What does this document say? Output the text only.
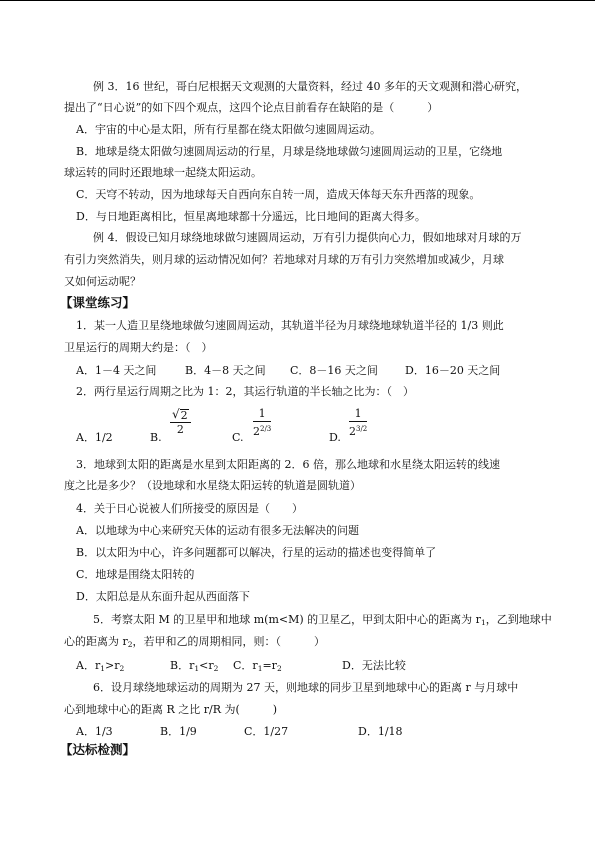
例 3．16 世纪，哥白尼根据天文观测的大量资料，经过 40 多年的天文观测和潜心研究，
提出了“日心说”的如下四个观点，这四个论点目前看存在缺陷的是（　　　）
A．宇宙的中心是太阳，所有行星都在绕太阳做匀速圆周运动。
B．地球是绕太阳做匀速圆周运动的行星，月球是绕地球做匀速圆周运动的卫星，它绕地
球运转的同时还跟地球一起绕太阳运动。
C．天穹不转动，因为地球每天自西向东自转一周，造成天体每天东升西落的现象。
D．与日地距离相比，恒星离地球都十分遥远，比日地间的距离大得多。
例 4．假设已知月球绕地球做匀速圆周运动，万有引力提供向心力，假如地球对月球的万
有引力突然消失，则月球的运动情况如何？若地球对月球的万有引力突然增加或减少，月球
又如何运动呢？
【课堂练习】
1．某一人造卫星绕地球做匀速圆周运动，其轨道半径为月球绕地球轨道半径的 1/3 则此
卫星运行的周期大约是：（　）
A．1－4 天之间	B．4－8 天之间 C．8－16 天之间 D．16－20 天之间
2．两行星运行周期之比为 1：2，其运行轨道的半长轴之比为：（　）
A．1/2	B.
√ 2
2
C.
1
$2^{2/3}$
D.
1
$2^{3/2}$
3．地球到太阳的距离是水星到太阳距离的 2．6 倍，那么地球和水星绕太阳运转的线速
度之比是多少？（设地球和水星绕太阳运转的轨道是圆轨道）
4．关于日心说被人们所接受的原因是（　　）
A．以地球为中心来研究天体的运动有很多无法解决的问题
B．以太阳为中心，许多问题都可以解决，行星的运动的描述也变得简单了
C．地球是围绕太阳转的
D．太阳总是从东面升起从西面落下
5．考察太阳 M 的卫星甲和地球 m(m<M) 的卫星乙，甲到太阳中心的距离为 $r_1$，乙到地球中
心的距离为 $r_2$，若甲和乙的周期相同，则：（　　　）
A．$r_1>r_2$	B．$r_1<r_2$ C．$r_1=r_2$	D．无法比较
6．设月球绕地球运动的周期为 27 天，则地球的同步卫星到地球中心的距离 r 与月球中
心到地球中心的距离 R 之比 r/R 为(　　　)
A．1/3	B．1/9	C．1/27	D．1/18
【达标检测】
